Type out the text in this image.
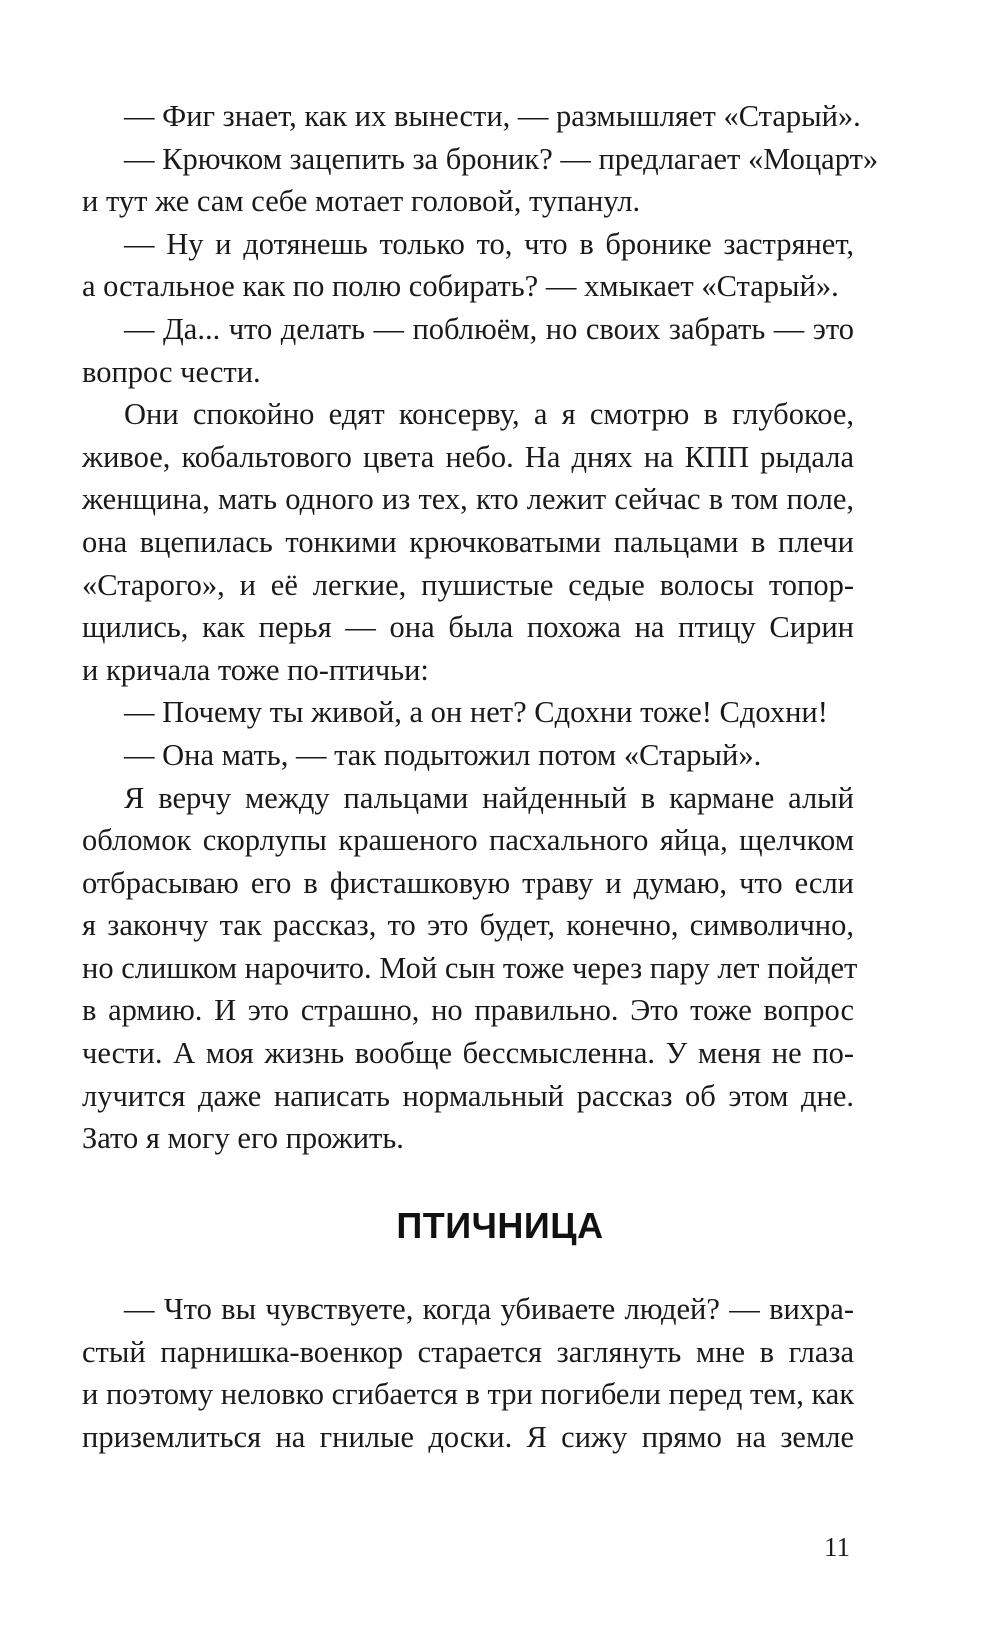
— Фиг знает, как их вынести, — размышляет «Старый».
— Крючком зацепить за броник? — предлагает «Моцарт»
и тут же сам себе мотает головой, тупанул.
— Ну и дотянешь только то, что в бронике застрянет,
а остальное как по полю собирать? — хмыкает «Старый».
— Да... что делать — поблюём, но своих забрать — это
вопрос чести.
Они спокойно едят консерву, а я смотрю в глубокое,
живое, кобальтового цвета небо. На днях на КПП рыдала
женщина, мать одного из тех, кто лежит сейчас в том поле,
она вцепилась тонкими крючковатыми пальцами в плечи
«Старого», и её легкие, пушистые седые волосы топор-
щились, как перья — она была похожа на птицу Сирин
и кричала тоже по-птичьи:
— Почему ты живой, а он нет? Сдохни тоже! Сдохни!
— Она мать, — так подытожил потом «Старый».
Я верчу между пальцами найденный в кармане алый
обломок скорлупы крашеного пасхального яйца, щелчком
отбрасываю его в фисташковую траву и думаю, что если
я закончу так рассказ, то это будет, конечно, символично,
но слишком нарочито. Мой сын тоже через пару лет пойдет
в армию. И это страшно, но правильно. Это тоже вопрос
чести. А моя жизнь вообще бессмысленна. У меня не по-
лучится даже написать нормальный рассказ об этом дне.
Зато я могу его прожить.
ПТИЧНИЦА
— Что вы чувствуете, когда убиваете людей? — вихра-
стый парнишка-военкор старается заглянуть мне в глаза
и поэтому неловко сгибается в три погибели перед тем, как
приземлиться на гнилые доски. Я сижу прямо на земле
11
